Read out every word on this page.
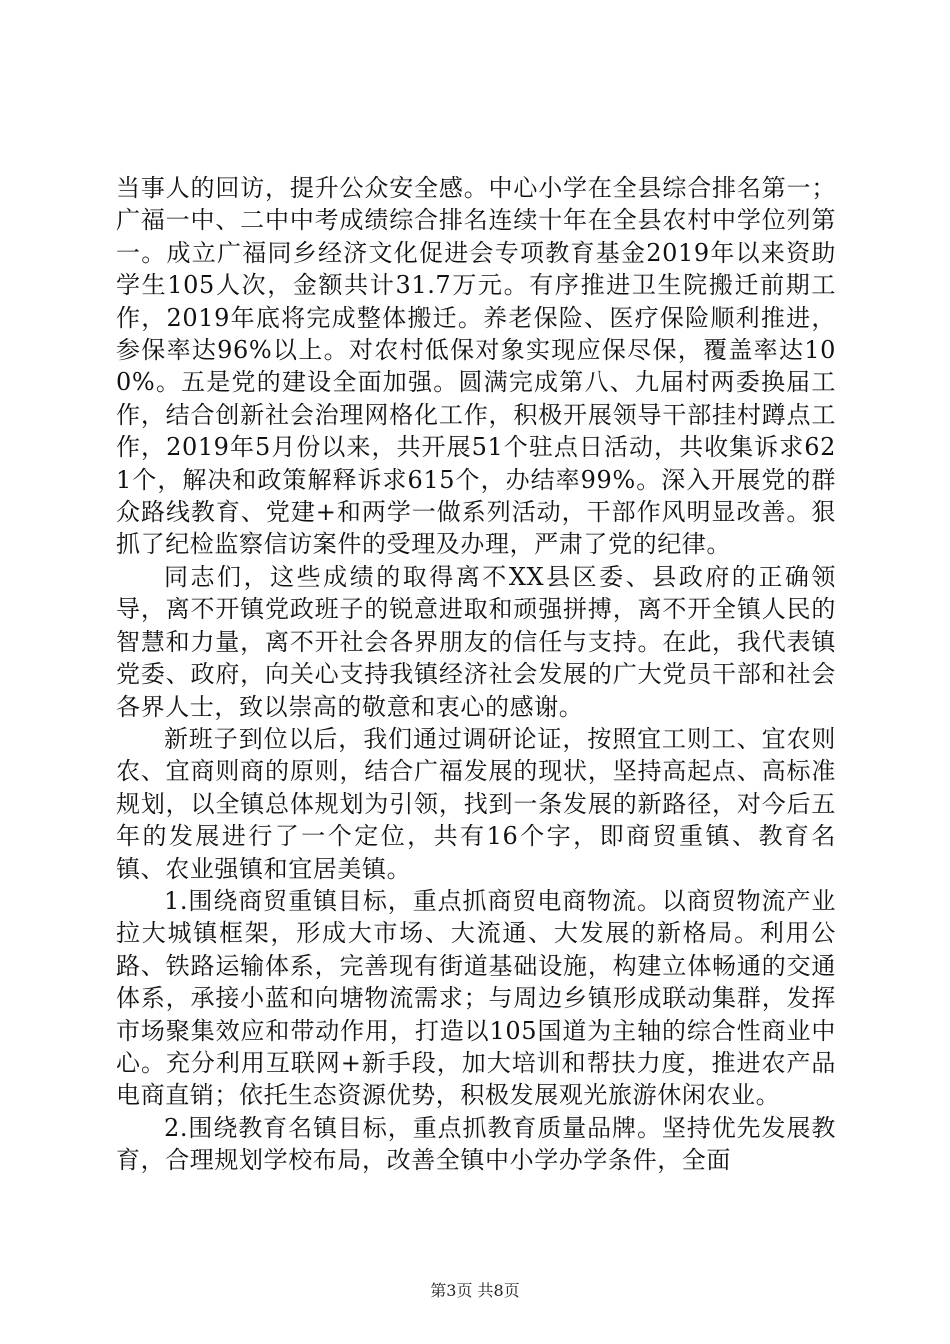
当事人的回访，提升公众安全感。中心小学在全县综合排名第一；广福一中、二中中考成绩综合排名连续十年在全县农村中学位列第一。成立广福同乡经济文化促进会专项教育基金2019年以来资助学生105人次，金额共计31.7万元。有序推进卫生院搬迁前期工作，2019年底将完成整体搬迁。养老保险、医疗保险顺利推进，参保率达96%以上。对农村低保对象实现应保尽保，覆盖率达100%。五是党的建设全面加强。圆满完成第八、九届村两委换届工作，结合创新社会治理网格化工作，积极开展领导干部挂村蹲点工作，2019年5月份以来，共开展51个驻点日活动，共收集诉求621个，解决和政策解释诉求615个，办结率99%。深入开展党的群众路线教育、党建+和两学一做系列活动，干部作风明显改善。狠抓了纪检监察信访案件的受理及办理，严肃了党的纪律。

同志们，这些成绩的取得离不XX县区委、县政府的正确领导，离不开镇党政班子的锐意进取和顽强拼搏，离不开全镇人民的智慧和力量，离不开社会各界朋友的信任与支持。在此，我代表镇党委、政府，向关心支持我镇经济社会发展的广大党员干部和社会各界人士，致以崇高的敬意和衷心的感谢。

新班子到位以后，我们通过调研论证，按照宜工则工、宜农则农、宜商则商的原则，结合广福发展的现状，坚持高起点、高标准规划，以全镇总体规划为引领，找到一条发展的新路径，对今后五年的发展进行了一个定位，共有16个字，即商贸重镇、教育名镇、农业强镇和宜居美镇。

1.围绕商贸重镇目标，重点抓商贸电商物流。以商贸物流产业拉大城镇框架，形成大市场、大流通、大发展的新格局。利用公路、铁路运输体系，完善现有街道基础设施，构建立体畅通的交通体系，承接小蓝和向塘物流需求；与周边乡镇形成联动集群，发挥市场聚集效应和带动作用，打造以105国道为主轴的综合性商业中心。充分利用互联网+新手段，加大培训和帮扶力度，推进农产品电商直销；依托生态资源优势，积极发展观光旅游休闲农业。

2.围绕教育名镇目标，重点抓教育质量品牌。坚持优先发展教育，合理规划学校布局，改善全镇中小学办学条件，全面

第3页 共8页
